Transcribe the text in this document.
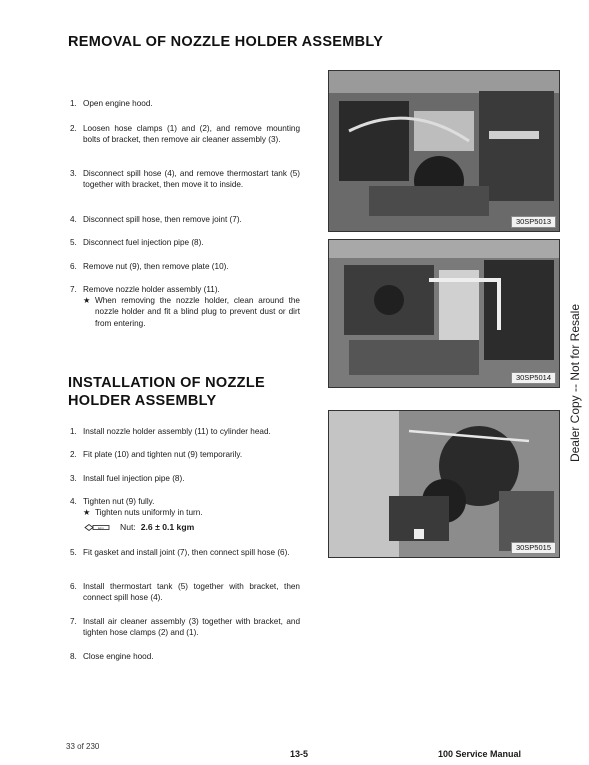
REMOVAL OF NOZZLE HOLDER ASSEMBLY
1. Open engine hood.
2. Loosen hose clamps (1) and (2), and remove mounting bolts of bracket, then remove air cleaner assembly (3).
3. Disconnect spill hose (4), and remove thermostart tank (5) together with bracket, then move it to inside.
4. Disconnect spill hose, then remove joint (7).
5. Disconnect fuel injection pipe (8).
6. Remove nut (9), then remove plate (10).
7. Remove nozzle holder assembly (11).
★ When removing the nozzle holder, clean around the nozzle holder and fit a blind plug to prevent dust or dirt from entering.
INSTALLATION OF NOZZLE HOLDER ASSEMBLY
1. Install nozzle holder assembly (11) to cylinder head.
2. Fit plate (10) and tighten nut (9) temporarily.
3. Install fuel injection pipe (8).
4. Tighten nut (9) fully.
★ Tighten nuts uniformly in turn.
5. Fit gasket and install joint (7), then connect spill hose (6).
6. Install thermostart tank (5) together with bracket, then connect spill hose (4).
7. Install air cleaner assembly (3) together with bracket, and tighten hose clamps (2) and (1).
8. Close engine hood.
kgm Nut: 2.6 ± 0.1 kgm
30SP5013
30SP5014
30SP5015
Dealer Copy -- Not for Resale
33 of 230
13-5	100 Service Manual
